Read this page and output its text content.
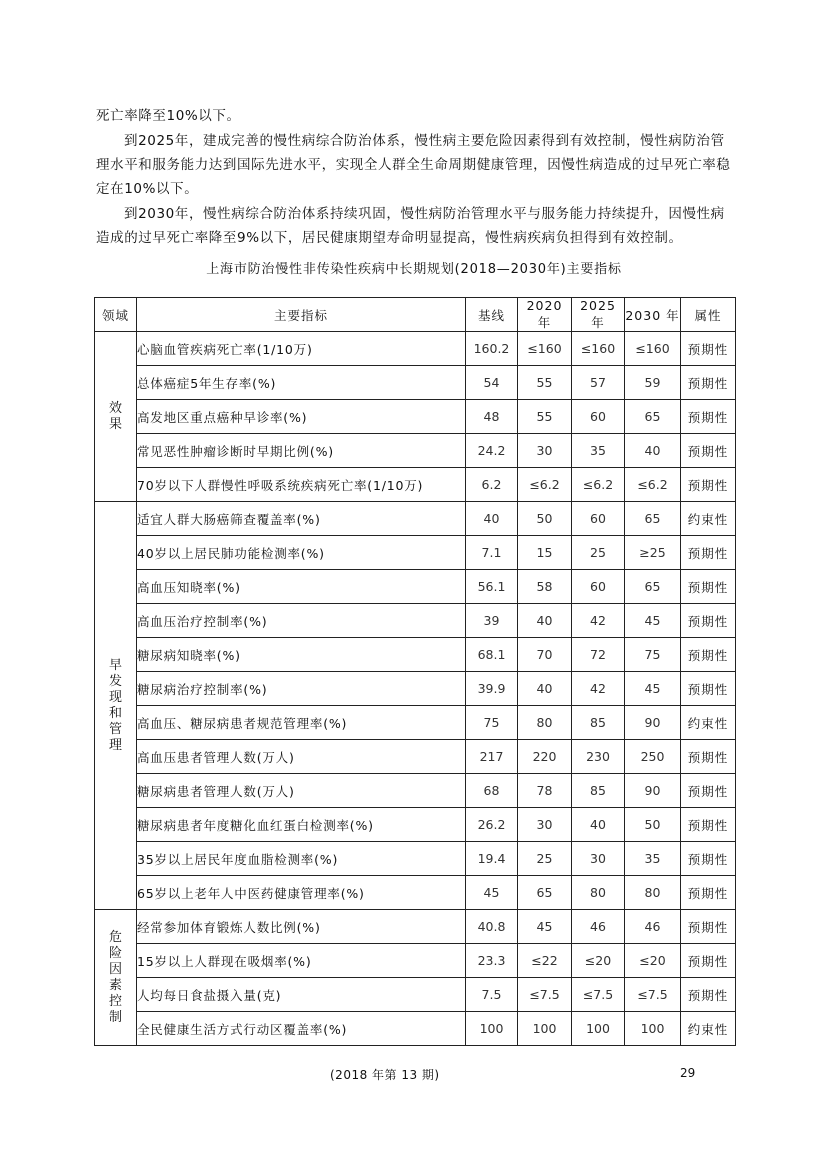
死亡率降至10%以下。
到2025年，建成完善的慢性病综合防治体系，慢性病主要危险因素得到有效控制，慢性病防治管理水平和服务能力达到国际先进水平，实现全人群全生命周期健康管理，因慢性病造成的过早死亡率稳定在10%以下。
到2030年，慢性病综合防治体系持续巩固，慢性病防治管理水平与服务能力持续提升，因慢性病造成的过早死亡率降至9%以下，居民健康期望寿命明显提高，慢性病疾病负担得到有效控制。
上海市防治慢性非传染性疾病中长期规划(2018—2030年)主要指标
领域	主要指标	基线	2020 年	2025 年	2030 年	属性
效果	心脑血管疾病死亡率(1/10万)	160.2	≤160	≤160	≤160	预期性
	总体癌症5年生存率(%)	54	55	57	59	预期性
	高发地区重点癌种早诊率(%)	48	55	60	65	预期性
	常见恶性肿瘤诊断时早期比例(%)	24.2	30	35	40	预期性
	70岁以下人群慢性呼吸系统疾病死亡率(1/10万)	6.2	≤6.2	≤6.2	≤6.2	预期性
早发现和管理	适宜人群大肠癌筛查覆盖率(%)	40	50	60	65	约束性
	40岁以上居民肺功能检测率(%)	7.1	15	25	≥25	预期性
	高血压知晓率(%)	56.1	58	60	65	预期性
	高血压治疗控制率(%)	39	40	42	45	预期性
	糖尿病知晓率(%)	68.1	70	72	75	预期性
	糖尿病治疗控制率(%)	39.9	40	42	45	预期性
	高血压、糖尿病患者规范管理率(%)	75	80	85	90	约束性
	高血压患者管理人数(万人)	217	220	230	250	预期性
	糖尿病患者管理人数(万人)	68	78	85	90	预期性
	糖尿病患者年度糖化血红蛋白检测率(%)	26.2	30	40	50	预期性
	35岁以上居民年度血脂检测率(%)	19.4	25	30	35	预期性
	65岁以上老年人中医药健康管理率(%)	45	65	80	80	预期性
危险因素控制	经常参加体育锻炼人数比例(%)	40.8	45	46	46	预期性
	15岁以上人群现在吸烟率(%)	23.3	≤22	≤20	≤20	预期性
	人均每日食盐摄入量(克)	7.5	≤7.5	≤7.5	≤7.5	预期性
	全民健康生活方式行动区覆盖率(%)	100	100	100	100	约束性
(2018 年第 13 期)	29
